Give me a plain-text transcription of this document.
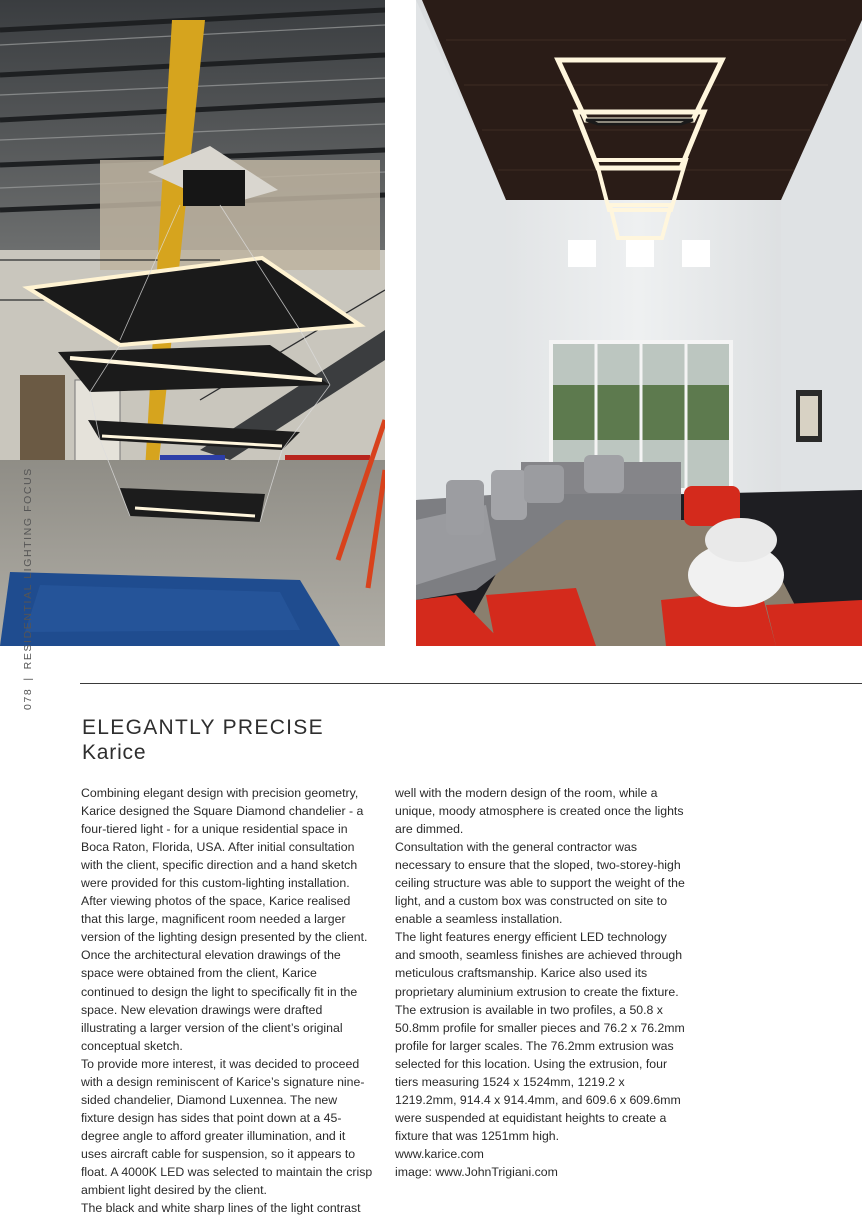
078|RESIDENTIAL LIGHTING FOCUS
ELEGANTLY PRECISE
Karice

Combining elegant design with precision geometry, Karice designed the Square Diamond chandelier - a four-tiered light - for a unique residential space in Boca Raton, Florida, USA. After initial consultation with the client, specific direction and a hand sketch were provided for this custom-lighting installation. After viewing photos of the space, Karice realised that this large, magnificent room needed a larger version of the lighting design presented by the client.

Once the architectural elevation drawings of the space were obtained from the client, Karice continued to design the light to specifically fit in the space. New elevation drawings were drafted illustrating a larger version of the client’s original conceptual sketch.

To provide more interest, it was decided to proceed with a design reminiscent of Karice’s signature nine-sided chandelier, Diamond Luxennea. The new fixture design has sides that point down at a 45-degree angle to afford greater illumination, and it uses aircraft cable for suspension, so it appears to float. A 4000K LED was selected to maintain the crisp ambient light desired by the client.

The black and white sharp lines of the light contrast

well with the modern design of the room, while a unique, moody atmosphere is created once the lights are dimmed.

Consultation with the general contractor was necessary to ensure that the sloped, two-storey-high ceiling structure was able to support the weight of the light, and a custom box was constructed on site to enable a seamless installation.

The light features energy efficient LED technology and smooth, seamless finishes are achieved through meticulous craftsmanship. Karice also used its proprietary aluminium extrusion to create the fixture. The extrusion is available in two profiles, a 50.8 x 50.8mm profile for smaller pieces and 76.2 x 76.2mm profile for larger scales. The 76.2mm extrusion was selected for this location. Using the extrusion, four tiers measuring 1524 x 1524mm, 1219.2 x 1219.2mm, 914.4 x 914.4mm, and 609.6 x 609.6mm were suspended at equidistant heights to create a fixture that was 1251mm high.

www.karice.com
image: www.JohnTrigiani.com
